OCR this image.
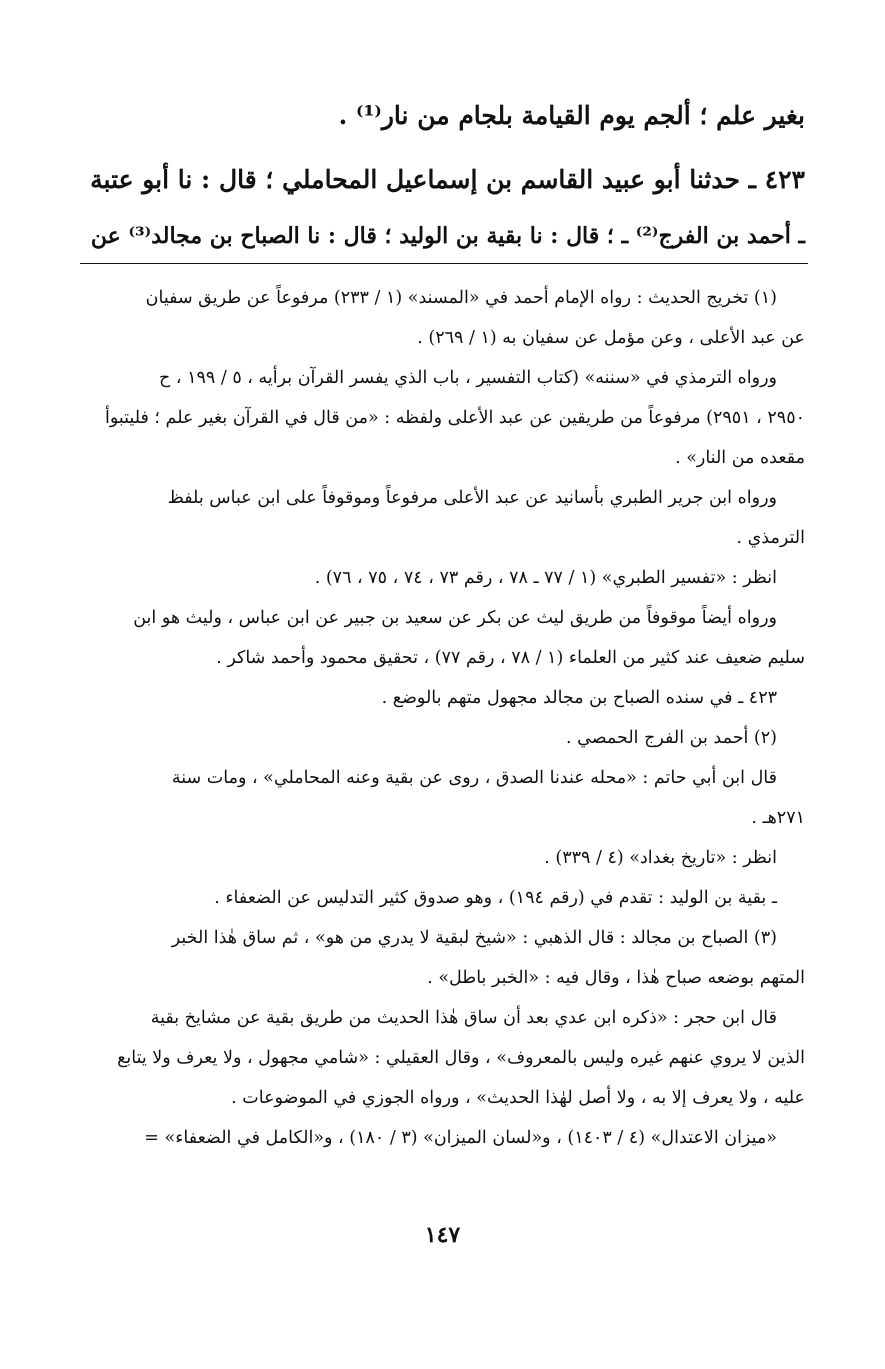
بغير علم ؛ ألجم يوم القيامة بلجام من نار⁽¹⁾ .
٤٢٣ ـ حدثنا أبو عبيد القاسم بن إسماعيل المحاملي ؛ قال : نا أبو عتبة
ـ أحمد بن الفرج⁽²⁾ ـ ؛ قال : نا بقية بن الوليد ؛ قال : نا الصباح بن مجالد⁽³⁾ عن
(١) تخريج الحديث : رواه الإمام أحمد في «المسند» (١ / ٢٣٣) مرفوعاً عن طريق سفيان
عن عبد الأعلى ، وعن مؤمل عن سفيان به (١ / ٢٦٩) .
ورواه الترمذي في «سننه» (كتاب التفسير ، باب الذي يفسر القرآن برأيه ، ٥ / ١٩٩ ، ح
٢٩٥٠ ، ٢٩٥١) مرفوعاً من طريقين عن عبد الأعلى ولفظه : «من قال في القرآن بغير علم ؛ فليتبوأ
مقعده من النار» .
ورواه ابن جرير الطبري بأسانيد عن عبد الأعلى مرفوعاً وموقوفاً على ابن عباس بلفظ
الترمذي .
انظر : «تفسير الطبري» (١ / ٧٧ ـ ٧٨ ، رقم ٧٣ ، ٧٤ ، ٧٥ ، ٧٦) .
ورواه أيضاً موقوفاً من طريق ليث عن بكر عن سعيد بن جبير عن ابن عباس ، وليث هو ابن
سليم ضعيف عند كثير من العلماء (١ / ٧٨ ، رقم ٧٧) ، تحقيق محمود وأحمد شاكر .
٤٢٣ ـ في سنده الصباح بن مجالد مجهول متهم بالوضع .
(٢) أحمد بن الفرج الحمصي .
قال ابن أبي حاتم : «محله عندنا الصدق ، روى عن بقية وعنه المحاملي» ، ومات سنة
٢٧١هـ .
انظر : «تاريخ بغداد» (٤ / ٣٣٩) .
ـ بقية بن الوليد : تقدم في (رقم ١٩٤) ، وهو صدوق كثير التدليس عن الضعفاء .
(٣) الصباح بن مجالد : قال الذهبي : «شيخ لبقية لا يدري من هو» ، ثم ساق هٰذا الخبر
المتهم بوضعه صباح هٰذا ، وقال فيه : «الخبر باطل» .
قال ابن حجر : «ذكره ابن عدي بعد أن ساق هٰذا الحديث من طريق بقية عن مشايخ بقية
الذين لا يروي عنهم غيره وليس بالمعروف» ، وقال العقيلي : «شامي مجهول ، ولا يعرف ولا يتابع
عليه ، ولا يعرف إلا به ، ولا أصل لهٰذا الحديث» ، ورواه الجوزي في الموضوعات .
«ميزان الاعتدال» (٤ / ١٤٠٣) ، و«لسان الميزان» (٣ / ١٨٠) ، و«الكامل في الضعفاء» =
١٤٧
